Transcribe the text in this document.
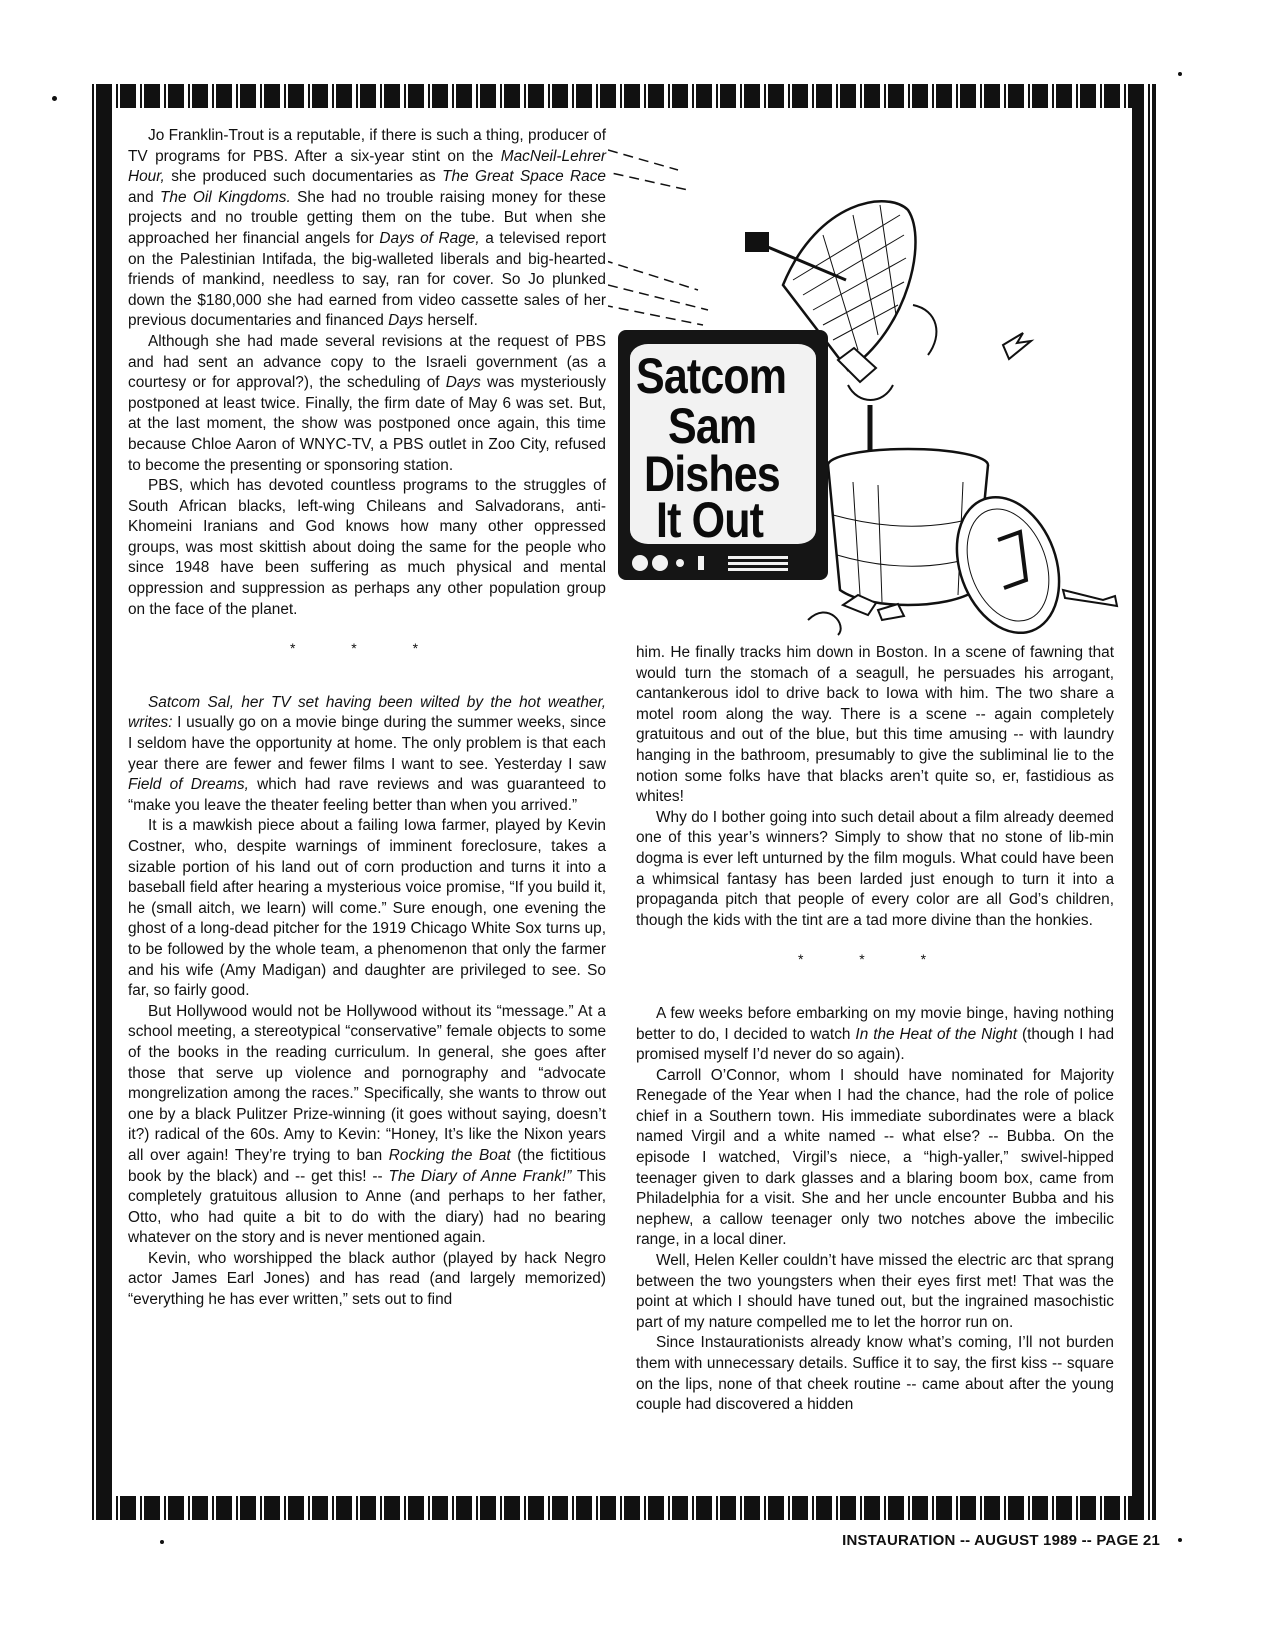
Satcom
Sam
Dishes
It Out

Jo Franklin-Trout is a reputable, if there is such a thing, producer of TV programs for PBS. After a six-year stint on the MacNeil-Lehrer Hour, she produced such documentaries as The Great Space Race and The Oil Kingdoms. She had no trouble raising money for these projects and no trouble getting them on the tube. But when she approached her financial angels for Days of Rage, a televised report on the Palestinian Intifada, the big-walleted liberals and big-hearted friends of mankind, needless to say, ran for cover. So Jo plunked down the $180,000 she had earned from video cassette sales of her previous documentaries and financed Days herself.

Although she had made several revisions at the request of PBS and had sent an advance copy to the Israeli government (as a courtesy or for approval?), the scheduling of Days was mysteriously postponed at least twice. Finally, the firm date of May 6 was set. But, at the last moment, the show was postponed once again, this time because Chloe Aaron of WNYC-TV, a PBS outlet in Zoo City, refused to become the presenting or sponsoring station.

PBS, which has devoted countless programs to the struggles of South African blacks, left-wing Chileans and Salvadorans, anti-Khomeini Iranians and God knows how many other oppressed groups, was most skittish about doing the same for the people who since 1948 have been suffering as much physical and mental oppression and suppression as perhaps any other population group on the face of the planet.

* * *

Satcom Sal, her TV set having been wilted by the hot weather, writes: I usually go on a movie binge during the summer weeks, since I seldom have the opportunity at home. The only problem is that each year there are fewer and fewer films I want to see. Yesterday I saw Field of Dreams, which had rave reviews and was guaranteed to “make you leave the theater feeling better than when you arrived.”

It is a mawkish piece about a failing Iowa farmer, played by Kevin Costner, who, despite warnings of imminent foreclosure, takes a sizable portion of his land out of corn production and turns it into a baseball field after hearing a mysterious voice promise, “If you build it, he (small aitch, we learn) will come.” Sure enough, one evening the ghost of a long-dead pitcher for the 1919 Chicago White Sox turns up, to be followed by the whole team, a phenomenon that only the farmer and his wife (Amy Madigan) and daughter are privileged to see. So far, so fairly good.

But Hollywood would not be Hollywood without its “message.” At a school meeting, a stereotypical “conservative” female objects to some of the books in the reading curriculum. In general, she goes after those that serve up violence and pornography and “advocate mongrelization among the races.” Specifically, she wants to throw out one by a black Pulitzer Prize-winning (it goes without saying, doesn’t it?) radical of the 60s. Amy to Kevin: “Honey, It’s like the Nixon years all over again! They’re trying to ban Rocking the Boat (the fictitious book by the black) and -- get this! -- The Diary of Anne Frank!” This completely gratuitous allusion to Anne (and perhaps to her father, Otto, who had quite a bit to do with the diary) had no bearing whatever on the story and is never mentioned again.

Kevin, who worshipped the black author (played by hack Negro actor James Earl Jones) and has read (and largely memorized) “everything he has ever written,” sets out to find

him. He finally tracks him down in Boston. In a scene of fawning that would turn the stomach of a seagull, he persuades his arrogant, cantankerous idol to drive back to Iowa with him. The two share a motel room along the way. There is a scene -- again completely gratuitous and out of the blue, but this time amusing -- with laundry hanging in the bathroom, presumably to give the subliminal lie to the notion some folks have that blacks aren’t quite so, er, fastidious as whites!

Why do I bother going into such detail about a film already deemed one of this year’s winners? Simply to show that no stone of lib-min dogma is ever left unturned by the film moguls. What could have been a whimsical fantasy has been larded just enough to turn it into a propaganda pitch that people of every color are all God’s children, though the kids with the tint are a tad more divine than the honkies.

* * *

A few weeks before embarking on my movie binge, having nothing better to do, I decided to watch In the Heat of the Night (though I had promised myself I’d never do so again).

Carroll O’Connor, whom I should have nominated for Majority Renegade of the Year when I had the chance, had the role of police chief in a Southern town. His immediate subordinates were a black named Virgil and a white named -- what else? -- Bubba. On the episode I watched, Virgil’s niece, a “high-yaller,” swivel-hipped teenager given to dark glasses and a blaring boom box, came from Philadelphia for a visit. She and her uncle encounter Bubba and his nephew, a callow teenager only two notches above the imbecilic range, in a local diner.

Well, Helen Keller couldn’t have missed the electric arc that sprang between the two youngsters when their eyes first met! That was the point at which I should have tuned out, but the ingrained masochistic part of my nature compelled me to let the horror run on.

Since Instaurationists already know what’s coming, I’ll not burden them with unnecessary details. Suffice it to say, the first kiss -- square on the lips, none of that cheek routine -- came about after the young couple had discovered a hidden

INSTAURATION -- AUGUST 1989 -- PAGE 21
